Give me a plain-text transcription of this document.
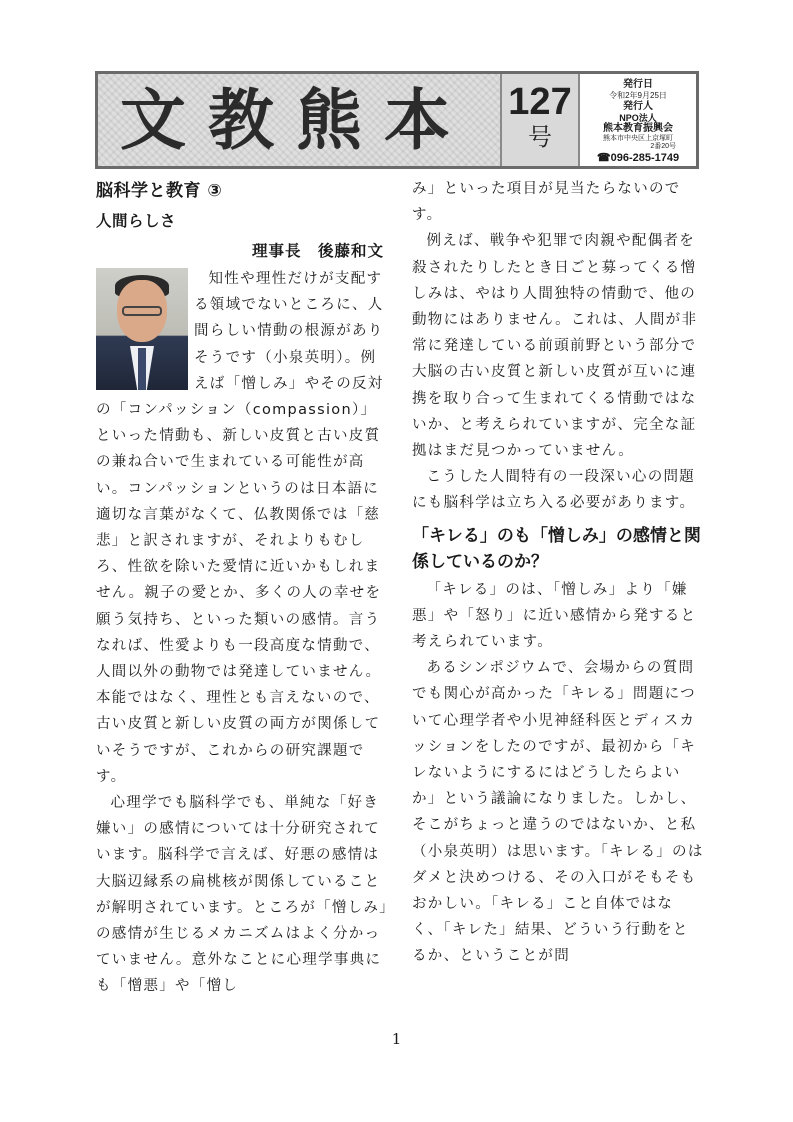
文教熊本 127
号
発行日
令和2年9月25日
発行人
NPO法人
熊本教育振興会
熊本市中央区上京塚町
2番20号
☎096-285-1749
脳科学と教育 ③
人間らしさ
理事長　後藤和文

知性や理性だけが支配する領域でないところに、人間らしい情動の根源がありそうです（小泉英明）。例えば「憎しみ」やその反対の「コンパッション（compassion）」といった情動も、新しい皮質と古い皮質の兼ね合いで生まれている可能性が高い。コンパッションというのは日本語に適切な言葉がなくて、仏教関係では「慈悲」と訳されますが、それよりもむしろ、性欲を除いた愛情に近いかもしれません。親子の愛とか、多くの人の幸せを願う気持ち、といった類いの感情。言うなれば、性愛よりも一段高度な情動で、人間以外の動物では発達していません。本能ではなく、理性とも言えないので、古い皮質と新しい皮質の両方が関係していそうですが、これからの研究課題です。

心理学でも脳科学でも、単純な「好き嫌い」の感情については十分研究されています。脳科学で言えば、好悪の感情は大脳辺縁系の扁桃核が関係していることが解明されています。ところが「憎しみ」の感情が生じるメカニズムはよく分かっていません。意外なことに心理学事典にも「憎悪」や「憎し

み」といった項目が見当たらないのです。

例えば、戦争や犯罪で肉親や配偶者を殺されたりしたとき日ごと募ってくる憎しみは、やはり人間独特の情動で、他の動物にはありません。これは、人間が非常に発達している前頭前野という部分で大脳の古い皮質と新しい皮質が互いに連携を取り合って生まれてくる情動ではないか、と考えられていますが、完全な証拠はまだ見つかっていません。

こうした人間特有の一段深い心の問題にも脳科学は立ち入る必要があります。

「キレる」のも「憎しみ」の感情と関係しているのか？

「キレる」のは、「憎しみ」より「嫌悪」や「怒り」に近い感情から発すると考えられています。

あるシンポジウムで、会場からの質問でも関心が高かった「キレる」問題について心理学者や小児神経科医とディスカッションをしたのですが、最初から「キレないようにするにはどうしたらよいか」という議論になりました。しかし、そこがちょっと違うのではないか、と私（小泉英明）は思います。「キレる」のはダメと決めつける、その入口がそもそもおかしい。「キレる」こと自体ではなく、「キレた」結果、どういう行動をとるか、ということが問

1
